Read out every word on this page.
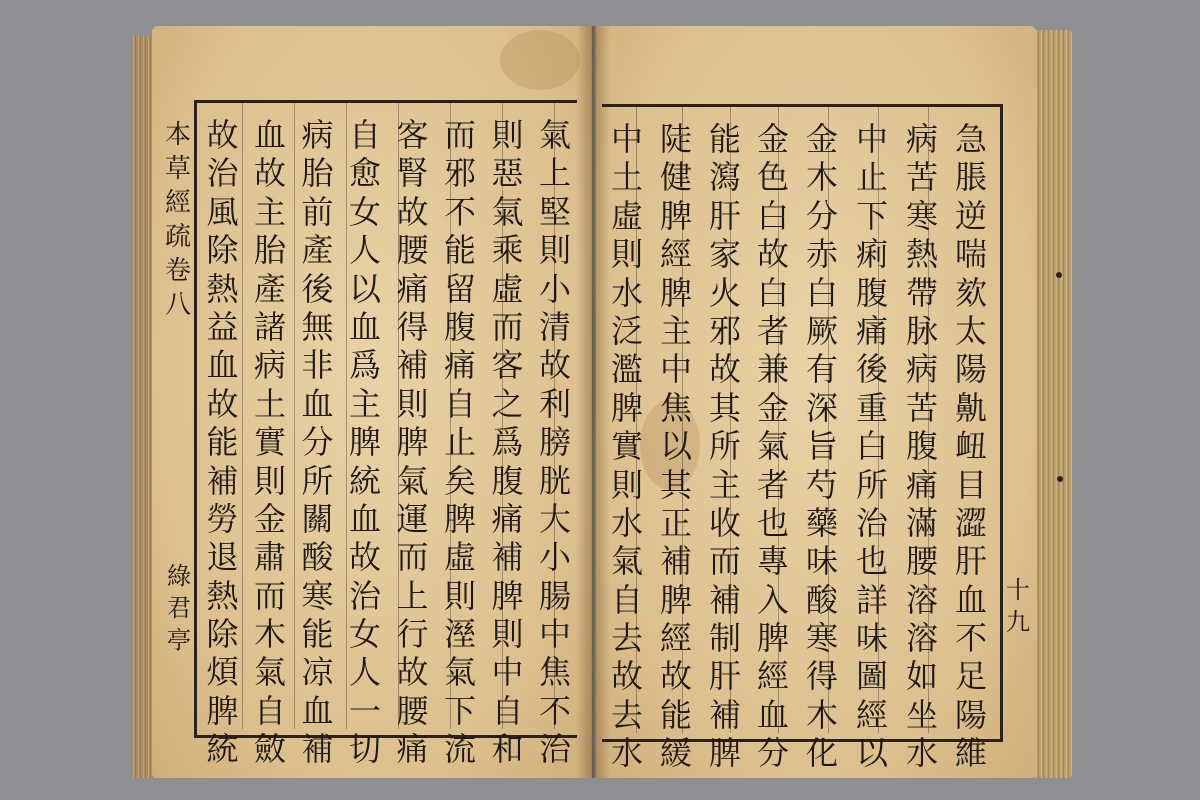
本
草
經
疏
卷
八
綠
君
亭
氣
上
堅
則
小
清
故
利
膀
胱
大
小
腸
中
焦
不
治
則
惡
氣
乘
虛
而
客
之
爲
腹
痛
補
脾
則
中
自
和
而
邪
不
能
留
腹
痛
自
止
矣
脾
虛
則
溼
氣
下
流
客
腎
故
腰
痛
得
補
則
脾
氣
運
而
上
行
故
腰
痛
自
愈
女
人
以
血
爲
主
脾
統
血
故
治
女
人
一
切
病
胎
前
產
後
無
非
血
分
所
關
酸
寒
能
凉
血
補
血
故
主
胎
產
諸
病
土
實
則
金
肅
而
木
氣
自
斂
故
治
風
除
熱
益
血
故
能
補
勞
退
熱
除
煩
脾
統
急
脹
逆
喘
欬
太
陽
鼽
衄
目
澀
肝
血
不
足
陽
維
病
苦
寒
熱
帶
脉
病
苦
腹
痛
滿
腰
溶
溶
如
坐
水
中
止
下
痢
腹
痛
後
重
白
所
治
也
詳
味
圖
經
以
金
木
分
赤
白
厥
有
深
旨
芍
藥
味
酸
寒
得
木
化
金
色
白
故
白
者
兼
金
氣
者
也
專
入
脾
經
血
分
能
瀉
肝
家
火
邪
故
其
所
主
收
而
補
制
肝
補
脾
陡
健
脾
經
脾
主
中
焦
以
其
正
補
脾
經
故
能
緩
中
土
虛
則
水
泛
濫
脾
實
則
水
氣
自
去
故
去
水
十
九
